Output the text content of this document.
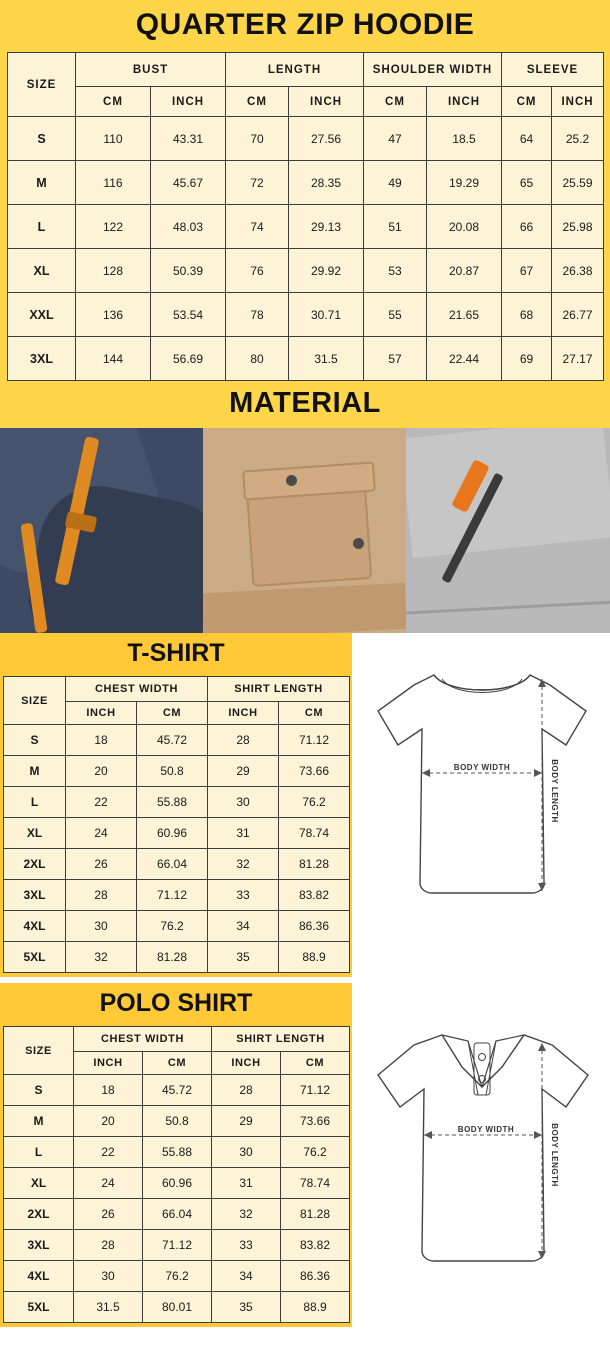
QUARTER ZIP HOODIE
SIZE	BUST		LENGTH		SHOULDER WIDTH		SLEEVE	
	CM	INCH	CM	INCH	CM	INCH	CM	INCH
S	110	43.31	70	27.56	47	18.5	64	25.2
M	116	45.67	72	28.35	49	19.29	65	25.59
L	122	48.03	74	29.13	51	20.08	66	25.98
XL	128	50.39	76	29.92	53	20.87	67	26.38
XXL	136	53.54	78	30.71	55	21.65	68	26.77
3XL	144	56.69	80	31.5	57	22.44	69	27.17
MATERIAL
T-SHIRT
SIZE	CHEST WIDTH		SHIRT LENGTH	
	INCH	CM	INCH	CM
S	18	45.72	28	71.12
M	20	50.8	29	73.66
L	22	55.88	30	76.2
XL	24	60.96	31	78.74
2XL	26	66.04	32	81.28
3XL	28	71.12	33	83.82
4XL	30	76.2	34	86.36
5XL	32	81.28	35	88.9
BODY WIDTH	BODY LENGTH
POLO SHIRT
SIZE	CHEST WIDTH		SHIRT LENGTH	
	INCH	CM	INCH	CM
S	18	45.72	28	71.12
M	20	50.8	29	73.66
L	22	55.88	30	76.2
XL	24	60.96	31	78.74
2XL	26	66.04	32	81.28
3XL	28	71.12	33	83.82
4XL	30	76.2	34	86.36
5XL	31.5	80.01	35	88.9
BODY WIDTH	BODY LENGTH
